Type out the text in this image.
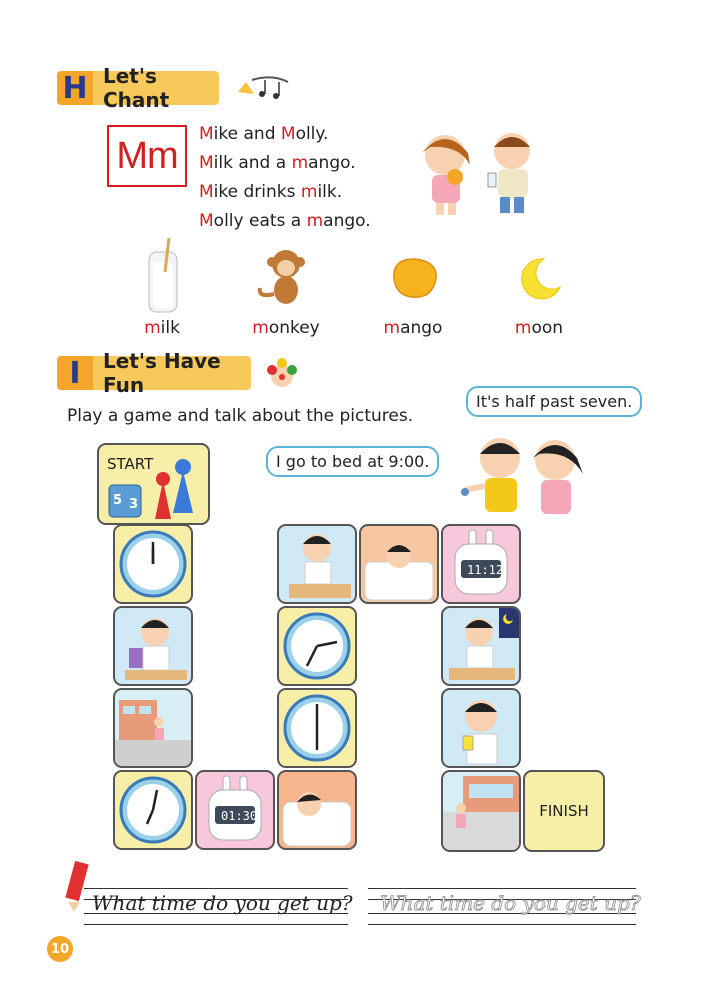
H Let's Chant
Mm
Mike and Molly.
Milk and a mango.
Mike drinks milk.
Molly eats a mango.
milk	monkey	mango	moon
I	Let's Have Fun
Play a game and talk about the pictures.
It's half past seven.
I go to bed at 9:00.
START
5 3
01:30
11:12
FINISH
TRACE
What time do you get up? What time do you get up?
10
